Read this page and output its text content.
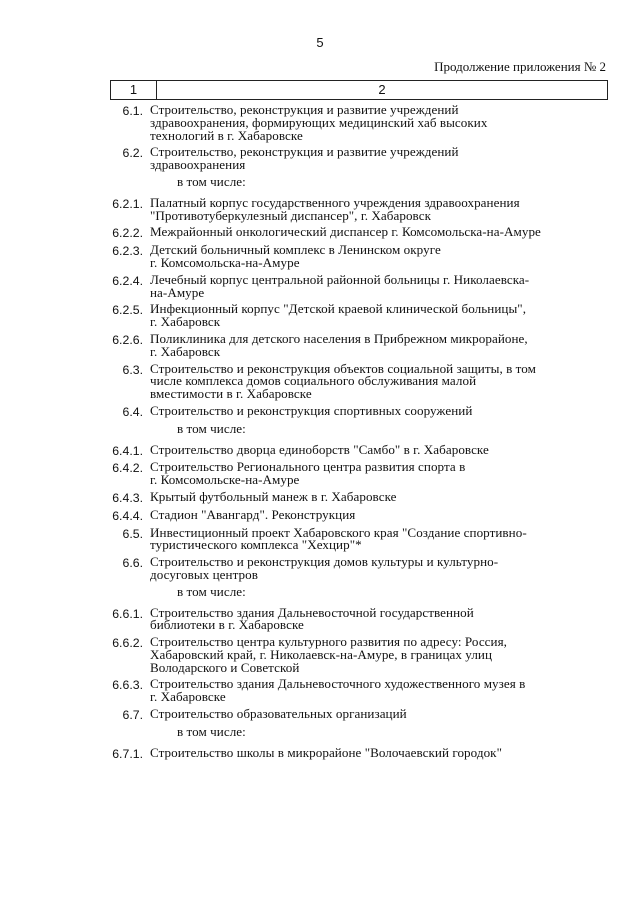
5
Продолжение приложения № 2
1	2
6.1. Строительство, реконструкция и развитие учреждений
здравоохранения, формирующих медицинский хаб высоких
технологий в г. Хабаровске
6.2. Строительство, реконструкция и развитие учреждений
здравоохранения
в том числе:
6.2.1. Палатный корпус государственного учреждения здравоохранения
"Противотуберкулезный диспансер", г. Хабаровск
6.2.2. Межрайонный онкологический диспансер г. Комсомольска-на-Амуре
6.2.3. Детский больничный комплекс в Ленинском округе
г. Комсомольска-на-Амуре
6.2.4. Лечебный корпус центральной районной больницы г. Николаевска-
на-Амуре
6.2.5. Инфекционный корпус "Детской краевой клинической больницы",
г. Хабаровск
6.2.6. Поликлиника для детского населения в Прибрежном микрорайоне,
г. Хабаровск
6.3. Строительство и реконструкция объектов социальной защиты, в том
числе комплекса домов социального обслуживания малой
вместимости в г. Хабаровске
6.4. Строительство и реконструкция спортивных сооружений
в том числе:
6.4.1. Строительство дворца единоборств "Самбо" в г. Хабаровске
6.4.2. Строительство Регионального центра развития спорта в
г. Комсомольске-на-Амуре
6.4.3. Крытый футбольный манеж в г. Хабаровске
6.4.4. Стадион "Авангард". Реконструкция
6.5. Инвестиционный проект Хабаровского края "Создание спортивно-
туристического комплекса "Хехцир"*
6.6. Строительство и реконструкция домов культуры и культурно-
досуговых центров
в том числе:
6.6.1. Строительство здания Дальневосточной государственной
библиотеки в г. Хабаровске
6.6.2. Строительство центра культурного развития по адресу: Россия,
Хабаровский край, г. Николаевск-на-Амуре, в границах улиц
Володарского и Советской
6.6.3. Строительство здания Дальневосточного художественного музея в
г. Хабаровске
6.7. Строительство образовательных организаций
в том числе:
6.7.1. Строительство школы в микрорайоне "Волочаевский городок"
